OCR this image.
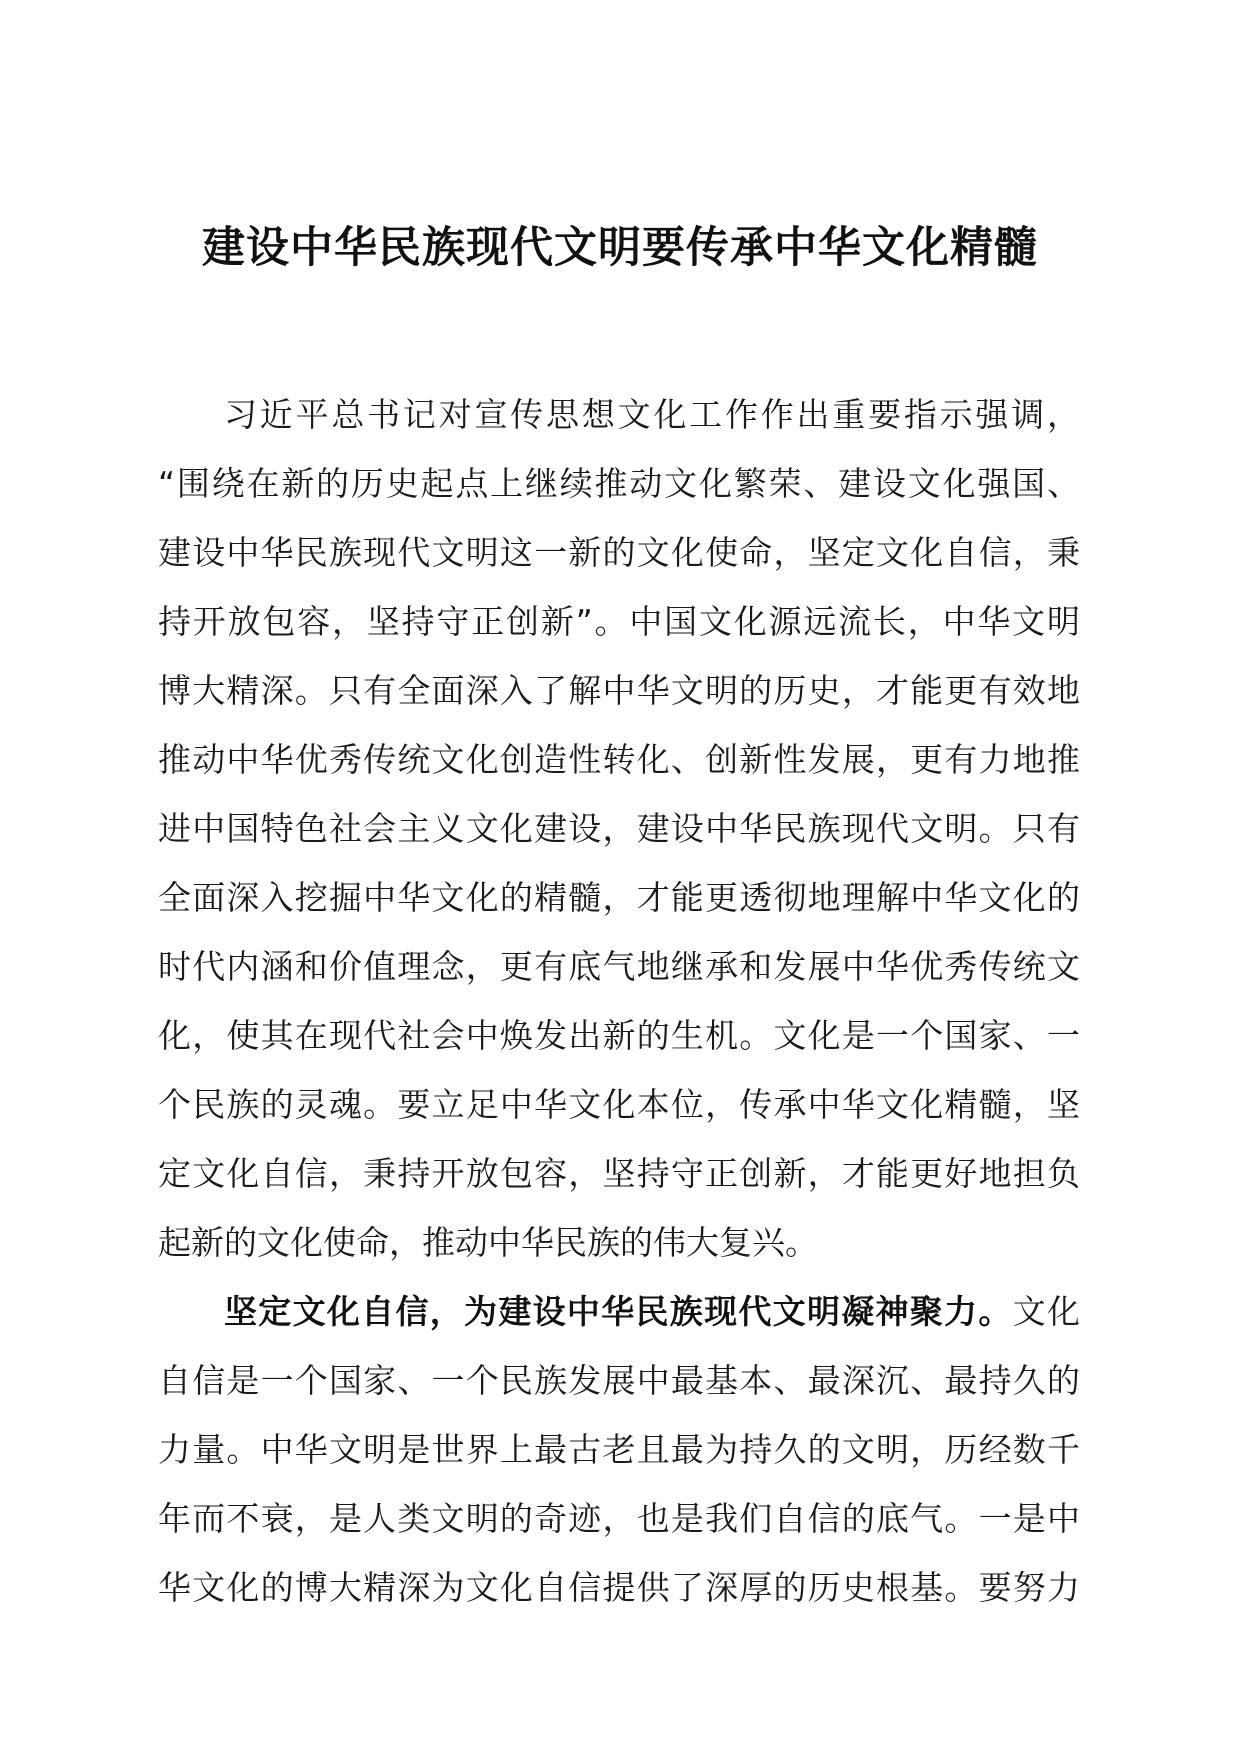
建设中华民族现代文明要传承中华文化精髓
习近平总书记对宣传思想文化工作作出重要指示强调，
“围绕在新的历史起点上继续推动文化繁荣、建设文化强国、
建设中华民族现代文明这一新的文化使命，坚定文化自信，秉
持开放包容，坚持守正创新”。中国文化源远流长，中华文明
博大精深。只有全面深入了解中华文明的历史，才能更有效地
推动中华优秀传统文化创造性转化、创新性发展，更有力地推
进中国特色社会主义文化建设，建设中华民族现代文明。只有
全面深入挖掘中华文化的精髓，才能更透彻地理解中华文化的
时代内涵和价值理念，更有底气地继承和发展中华优秀传统文
化，使其在现代社会中焕发出新的生机。文化是一个国家、一
个民族的灵魂。要立足中华文化本位，传承中华文化精髓，坚
定文化自信，秉持开放包容，坚持守正创新，才能更好地担负
起新的文化使命，推动中华民族的伟大复兴。
坚定文化自信，为建设中华民族现代文明凝神聚力。文化
自信是一个国家、一个民族发展中最基本、最深沉、最持久的
力量。中华文明是世界上最古老且最为持久的文明，历经数千
年而不衰，是人类文明的奇迹，也是我们自信的底气。一是中
华文化的博大精深为文化自信提供了深厚的历史根基。要努力
